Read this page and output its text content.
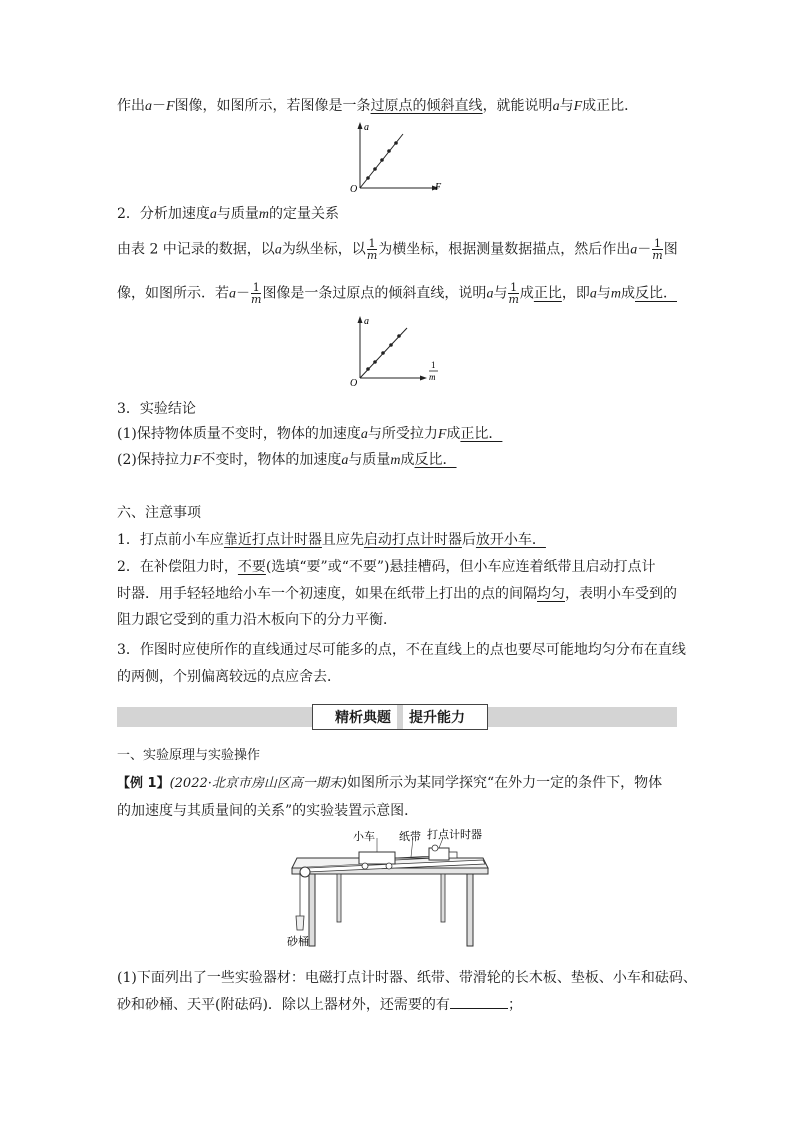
作出a－F图像，如图所示，若图像是一条过原点的倾斜直线，就能说明a与F成正比．
a
F
O
2．分析加速度a与质量m的定量关系
由表 2 中记录的数据，以a为纵坐标，以 $\frac{1}{m}$ 为横坐标，根据测量数据描点，然后作出$a- \frac{1}{m}$ 图
像，如图所示．若$a- \frac{1}{m}$ 图像是一条过原点的倾斜直线，说明a与 $\frac{1}{m}$ 成正比，即a与m成反比．
a
1
m
O
3．实验结论
(1)保持物体质量不变时，物体的加速度a与所受拉力F成正比．
(2)保持拉力F不变时，物体的加速度a与质量m成反比．
六、注意事项
1．打点前小车应靠近打点计时器且应先启动打点计时器后放开小车．
2．在补偿阻力时，不要(选填“要”或“不要”)悬挂槽码，但小车应连着纸带且启动打点计
时器．用手轻轻地给小车一个初速度，如果在纸带上打出的点的间隔均匀，表明小车受到的
阻力跟它受到的重力沿木板向下的分力平衡．
3．作图时应使所作的直线通过尽可能多的点，不在直线上的点也要尽可能地均匀分布在直线
的两侧，个别偏离较远的点应舍去．
精析典题	提升能力
一、实验原理与实验操作
【例 1】(2022·北京市房山区高一期末)如图所示为某同学探究“在外力一定的条件下，物体
的加速度与其质量间的关系”的实验装置示意图．
小车 纸带 打点计时器
砂桶
(1)下面列出了一些实验器材：电磁打点计时器、纸带、带滑轮的长木板、垫板、小车和砝码、
砂和砂桶、天平(附砝码)．除以上器材外，还需要的有	；
